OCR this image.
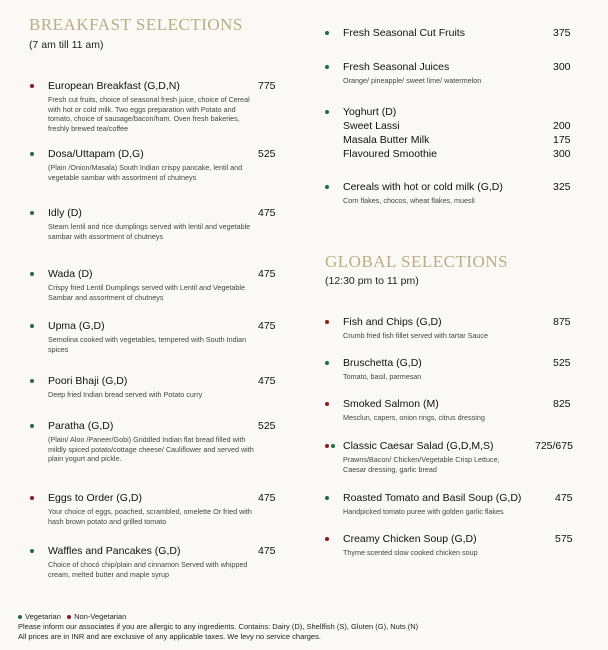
BREAKFAST SELECTIONS
(7 am till 11 am)
European Breakfast (G,D,N)
Fresh cut fruits, choice of seasonal fresh juice, choice of Cereal with hot or cold milk. Two eggs preparation with Potato and tomato, choice of sausage/bacon/ham. Oven fresh bakeries, freshly brewed tea/coffee
775
Dosa/Uttapam (D,G)
(Plain /Onion/Masala) South Indian crispy pancake, lentil and vegetable sambar with assortment of chutneys
525
Idly (D)
Steam lentil and rice dumplings served with lentil and vegetable sambar with assortment of chutneys
475
Wada (D)
Crispy fried Lentil Dumplings served with Lentil and Vegetable Sambar and assortment of chutneys
475
Upma (G,D)
Semolina cooked with vegetables, tempered with South Indian spices
475
Poori Bhaji (G,D)
Deep fried Indian bread served with Potato curry
475
Paratha (G,D)
(Plain/ Aloo /Paneer/Gobi) Griddled Indian flat bread filled with mildly spiced potato/cottage cheese/ Cauliflower and served with plain yogurt and pickle.
525
Eggs to Order (G,D)
Your choice of eggs, poached, scrambled, omelette Or fried with hash brown potato and grilled tomato
475
Waffles and Pancakes (G,D)
Choice of chocó chip/plain and cinnamon Served with whipped cream, melted butter and maple syrup
475
Fresh Seasonal Cut Fruits	375
Fresh Seasonal Juices
Orange/ pineapple/ sweet lime/ watermelon
300
Yoghurt (D)
Sweet Lassi	200
Masala Butter Milk	175
Flavoured Smoothie	300
Cereals with hot or cold milk (G,D)
Corn flakes, chocos, wheat flakes, muesli
325
GLOBAL SELECTIONS
(12:30 pm to 11 pm)
Fish and Chips (G,D)
Crumb fried fish fillet served with tartar Sauce
875
Bruschetta (G,D)
Tomato, basil, parmesan
525
Smoked Salmon (M)
Mesclun, capers, onion rings, citrus dressing
825
Classic Caesar Salad (G,D,M,S)
Prawns/Bacon/ Chicken/Vegetable Crisp Lettuce, Caesar dressing, garlic bread
725/675
Roasted Tomato and Basil Soup (G,D)
Handpicked tomato puree with golden garlic flakes
475
Creamy Chicken Soup (G,D)
Thyme scented slow cooked chicken soup
575
Vegetarian Non-Vegetarian
Please inform our associates if you are allergic to any ingredients. Contains: Dairy (D), Shellfish (S), Gluten (G), Nuts (N)
All prices are in INR and are exclusive of any applicable taxes. We levy no service charges.
